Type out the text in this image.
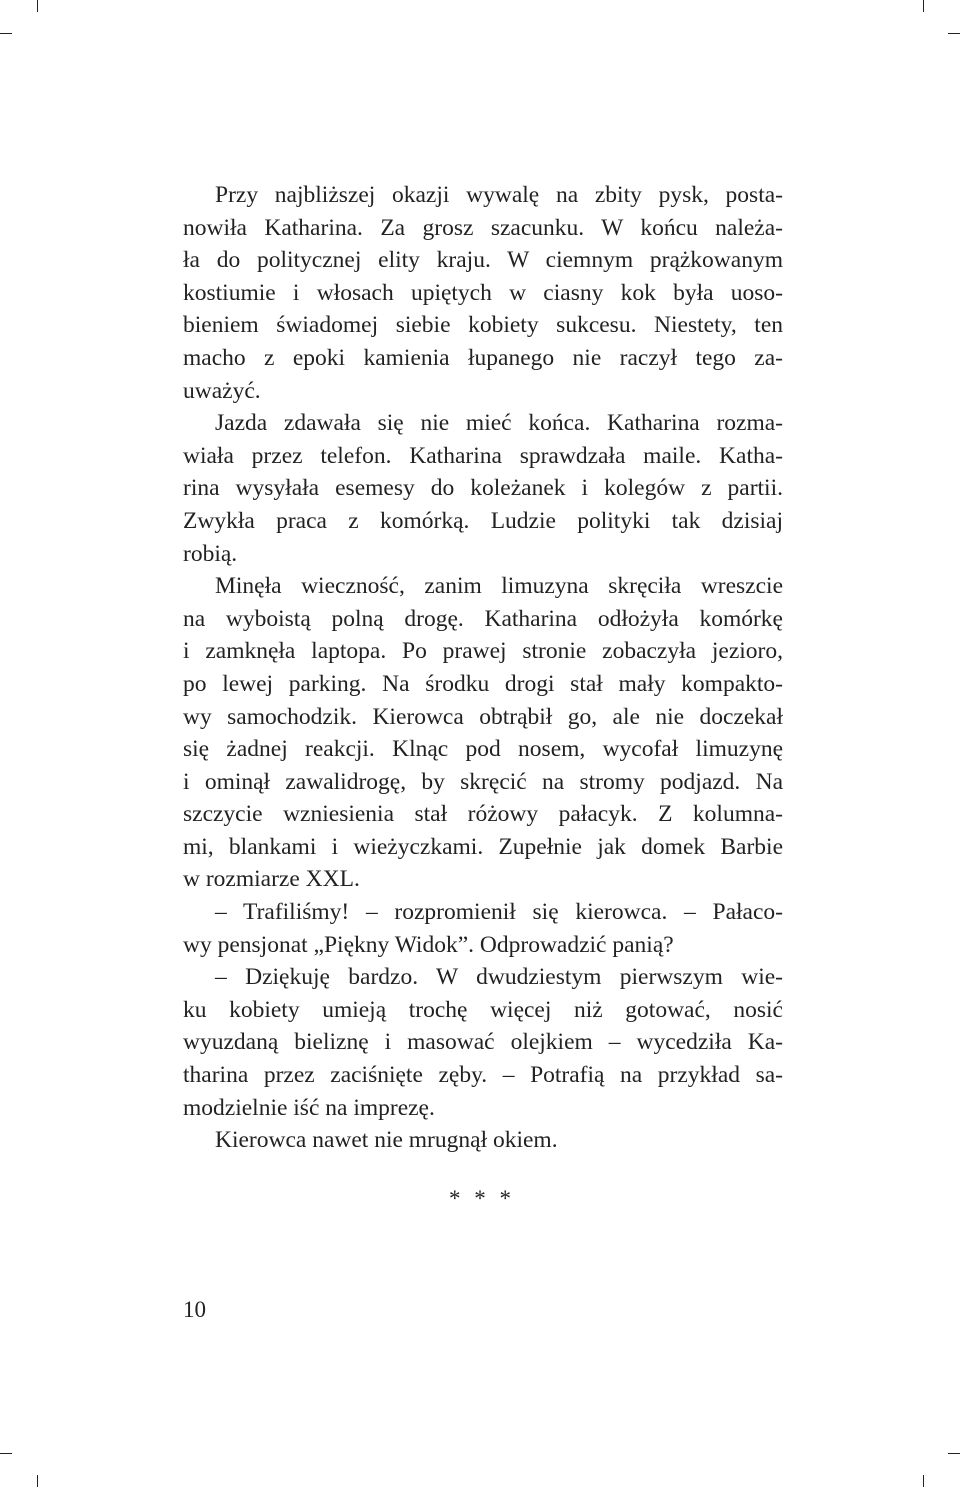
Przy najbliższej okazji wywalę na zbity pysk, posta-
nowiła Katharina. Za grosz szacunku. W końcu należa-
ła do politycznej elity kraju. W ciemnym prążkowanym
kostiumie i włosach upiętych w ciasny kok była uoso-
bieniem świadomej siebie kobiety sukcesu. Niestety, ten
macho z epoki kamienia łupanego nie raczył tego za-
uważyć.
Jazda zdawała się nie mieć końca. Katharina rozma-
wiała przez telefon. Katharina sprawdzała maile. Katha-
rina wysyłała esemesy do koleżanek i kolegów z partii.
Zwykła praca z komórką. Ludzie polityki tak dzisiaj
robią.
Minęła wieczność, zanim limuzyna skręciła wreszcie
na wyboistą polną drogę. Katharina odłożyła komórkę
i zamknęła laptopa. Po prawej stronie zobaczyła jezioro,
po lewej parking. Na środku drogi stał mały kompakto-
wy samochodzik. Kierowca obtrąbił go, ale nie doczekał
się żadnej reakcji. Klnąc pod nosem, wycofał limuzynę
i ominął zawalidrogę, by skręcić na stromy podjazd. Na
szczycie wzniesienia stał różowy pałacyk. Z kolumna-
mi, blankami i wieżyczkami. Zupełnie jak domek Barbie
w rozmiarze XXL.
– Trafiliśmy! – rozpromienił się kierowca. – Pałaco-
wy pensjonat „Piękny Widok”. Odprowadzić panią?
– Dziękuję bardzo. W dwudziestym pierwszym wie-
ku kobiety umieją trochę więcej niż gotować, nosić
wyuzdaną bieliznę i masować olejkiem – wycedziła Ka-
tharina przez zaciśnięte zęby. – Potrafią na przykład sa-
modzielnie iść na imprezę.
Kierowca nawet nie mrugnął okiem.
* * *
10
